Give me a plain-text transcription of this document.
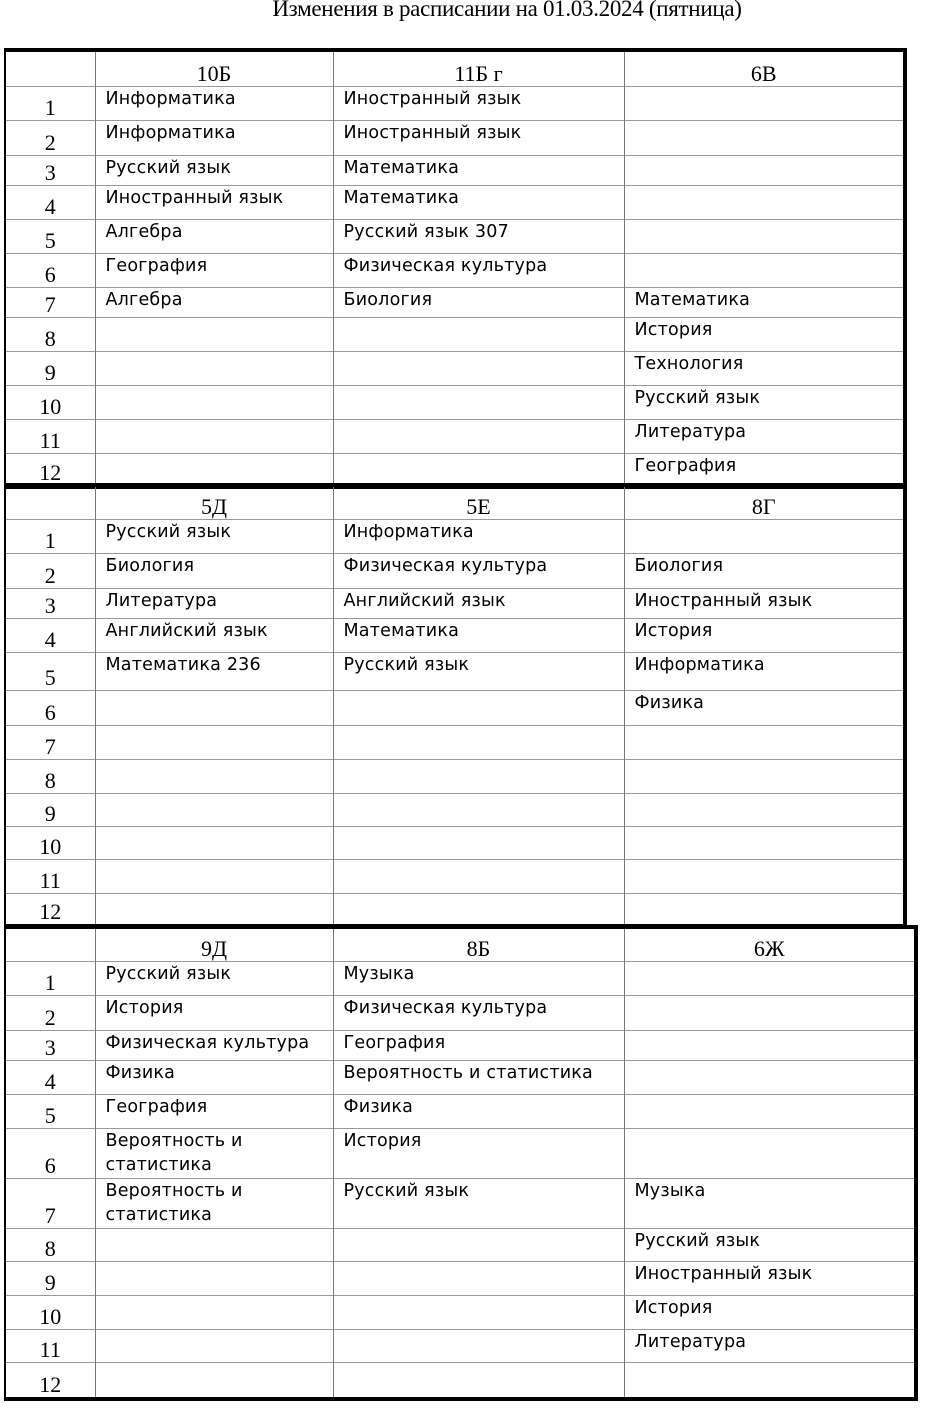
Изменения в расписании на 01.03.2024 (пятница)
	10Б	11Б г	6В
1	Информатика	Иностранный язык	
2	Информатика	Иностранный язык	
3	Русский язык	Математика	
4	Иностранный язык	Математика	
5	Алгебра	Русский язык 307	
6	География	Физическая культура	
7	Алгебра	Биология	Математика
8			История
9			Технология
10			Русский язык
11			Литература
12			География
	5Д	5Е	8Г
1	Русский язык	Информатика	
2	Биология	Физическая культура	Биология
3	Литература	Английский язык	Иностранный язык
4	Английский язык	Математика	История
5	Математика 236	Русский язык	Информатика
6			Физика
7			
8			
9			
10			
11			
12			
	9Д	8Б	6Ж
1	Русский язык	Музыка	
2	История	Физическая культура	
3	Физическая культура	География	
4	Физика	Вероятность и статистика	
5	География	Физика	
6	Вероятность и статистика	История	
7	Вероятность и статистика	Русский язык	Музыка
8			Русский язык
9			Иностранный язык
10			История
11			Литература
12			
